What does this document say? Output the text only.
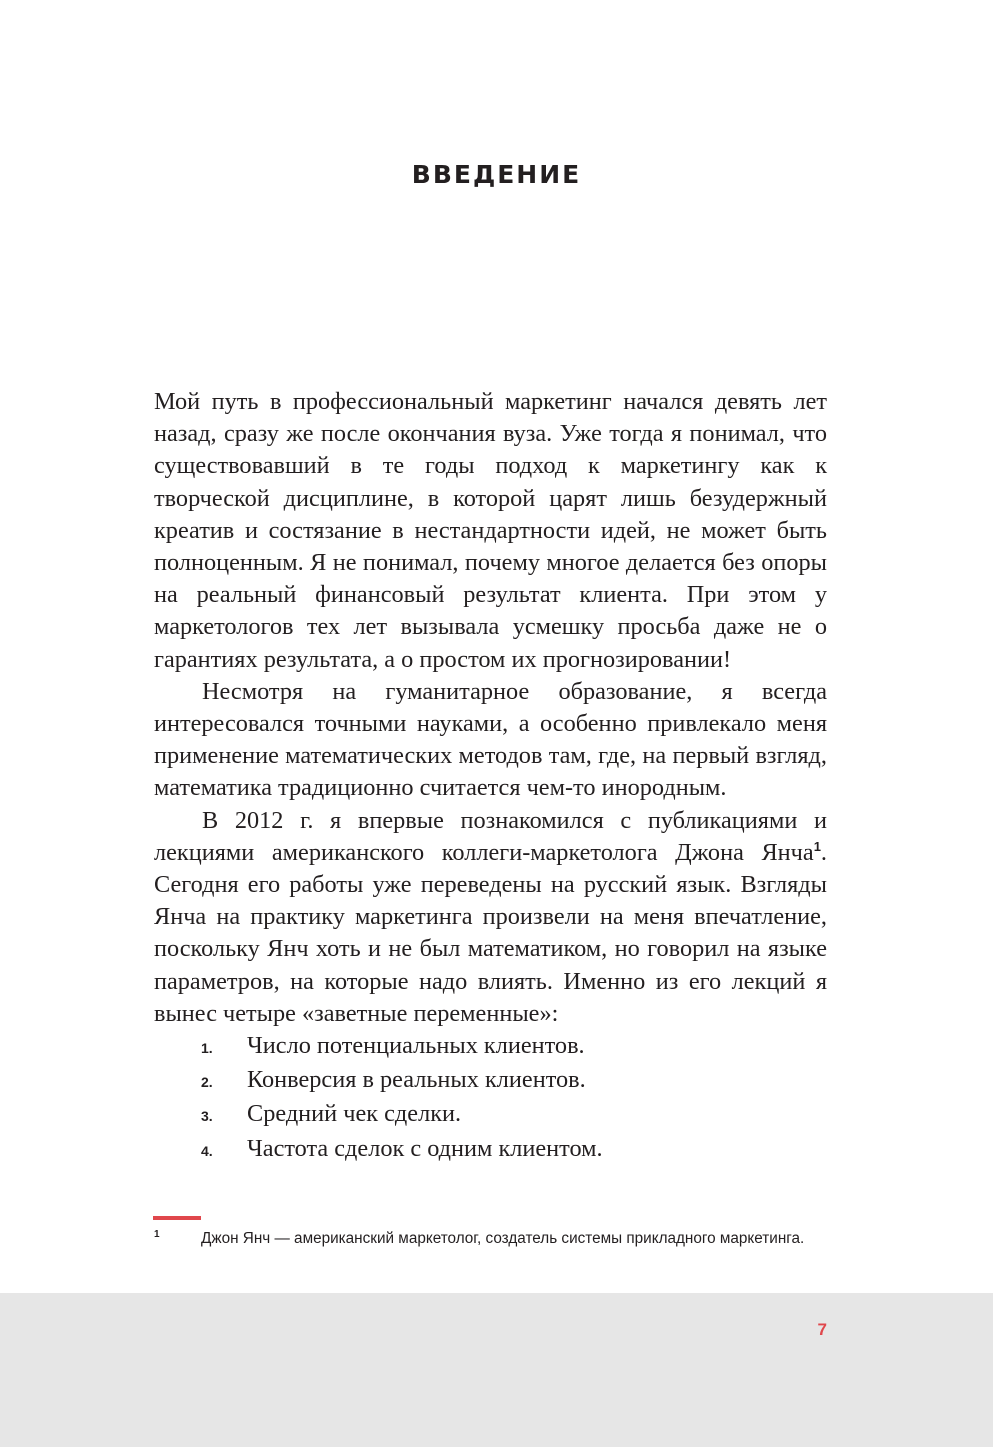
ВВЕДЕНИЕ

Мой путь в профессиональный маркетинг начался девять лет назад, сразу же после окончания вуза. Уже тогда я понимал, что существовавший в те годы подход к маркетингу как к творческой дисциплине, в которой царят лишь безудержный креатив и состязание в нестандартности идей, не может быть полноценным. Я не понимал, почему многое делается без опоры на реальный финансовый результат клиента. При этом у маркетологов тех лет вызывала усмешку просьба даже не о гарантиях результата, а о простом их прогнозировании!

Несмотря на гуманитарное образование, я всегда интересовался точными науками, а особенно привлекало меня применение математических методов там, где, на первый взгляд, математика традиционно считается чем-то инородным.

В 2012 г. я впервые познакомился с публикациями и лекциями американского коллеги-маркетолога Джона Янча$^1$. Сегодня его работы уже переведены на русский язык. Взгляды Янча на практику маркетинга произвели на меня впечатление, поскольку Янч хоть и не был математиком, но говорил на языке параметров, на которые надо влиять. Именно из его лекций я вынес четыре «заветные переменные»:

1.	Число потенциальных клиентов.
2.	Конверсия в реальных клиентов.
3.	Средний чек сделки.
4.	Частота сделок с одним клиентом.
1	Джон Янч — американский маркетолог, создатель системы прикладного маркетинга.
7
